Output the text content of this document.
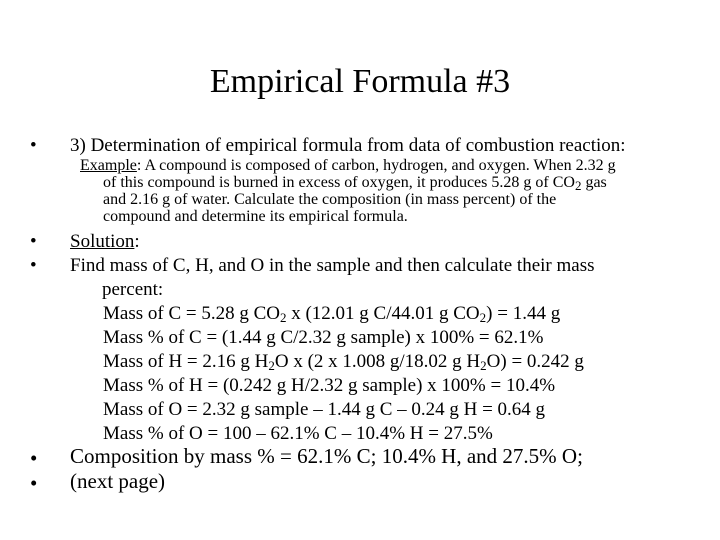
Empirical Formula #3
• 3) Determination of empirical formula from data of combustion reaction:
Example: A compound is composed of carbon, hydrogen, and oxygen. When 2.32 g
of this compound is burned in excess of oxygen, it produces 5.28 g of $CO_2$ gas
and 2.16 g of water. Calculate the composition (in mass percent) of the
compound and determine its empirical formula.
• Solution:
• Find mass of C, H, and O in the sample and then calculate their mass
percent:
Mass of C = 5.28 g $CO_2$ x (12.01 g C/44.01 g $CO_2) = 1.44$ g
Mass % of C = (1.44 g C/2.32 g sample) x 100% = 62.1%
Mass of H = 2.16 g $H_2O$ x (2 x 1.008 g/18.02 g $H_2O) = 0.242$ g
Mass % of H = (0.242 g H/2.32 g sample) x 100% = 10.4%
Mass of O = 2.32 g sample – 1.44 g C – 0.24 g H = 0.64 g
Mass % of O = 100 – 62.1% C – 10.4% H = 27.5%
• Composition by mass % = 62.1% C; 10.4% H, and 27.5% O;
• (next page)
